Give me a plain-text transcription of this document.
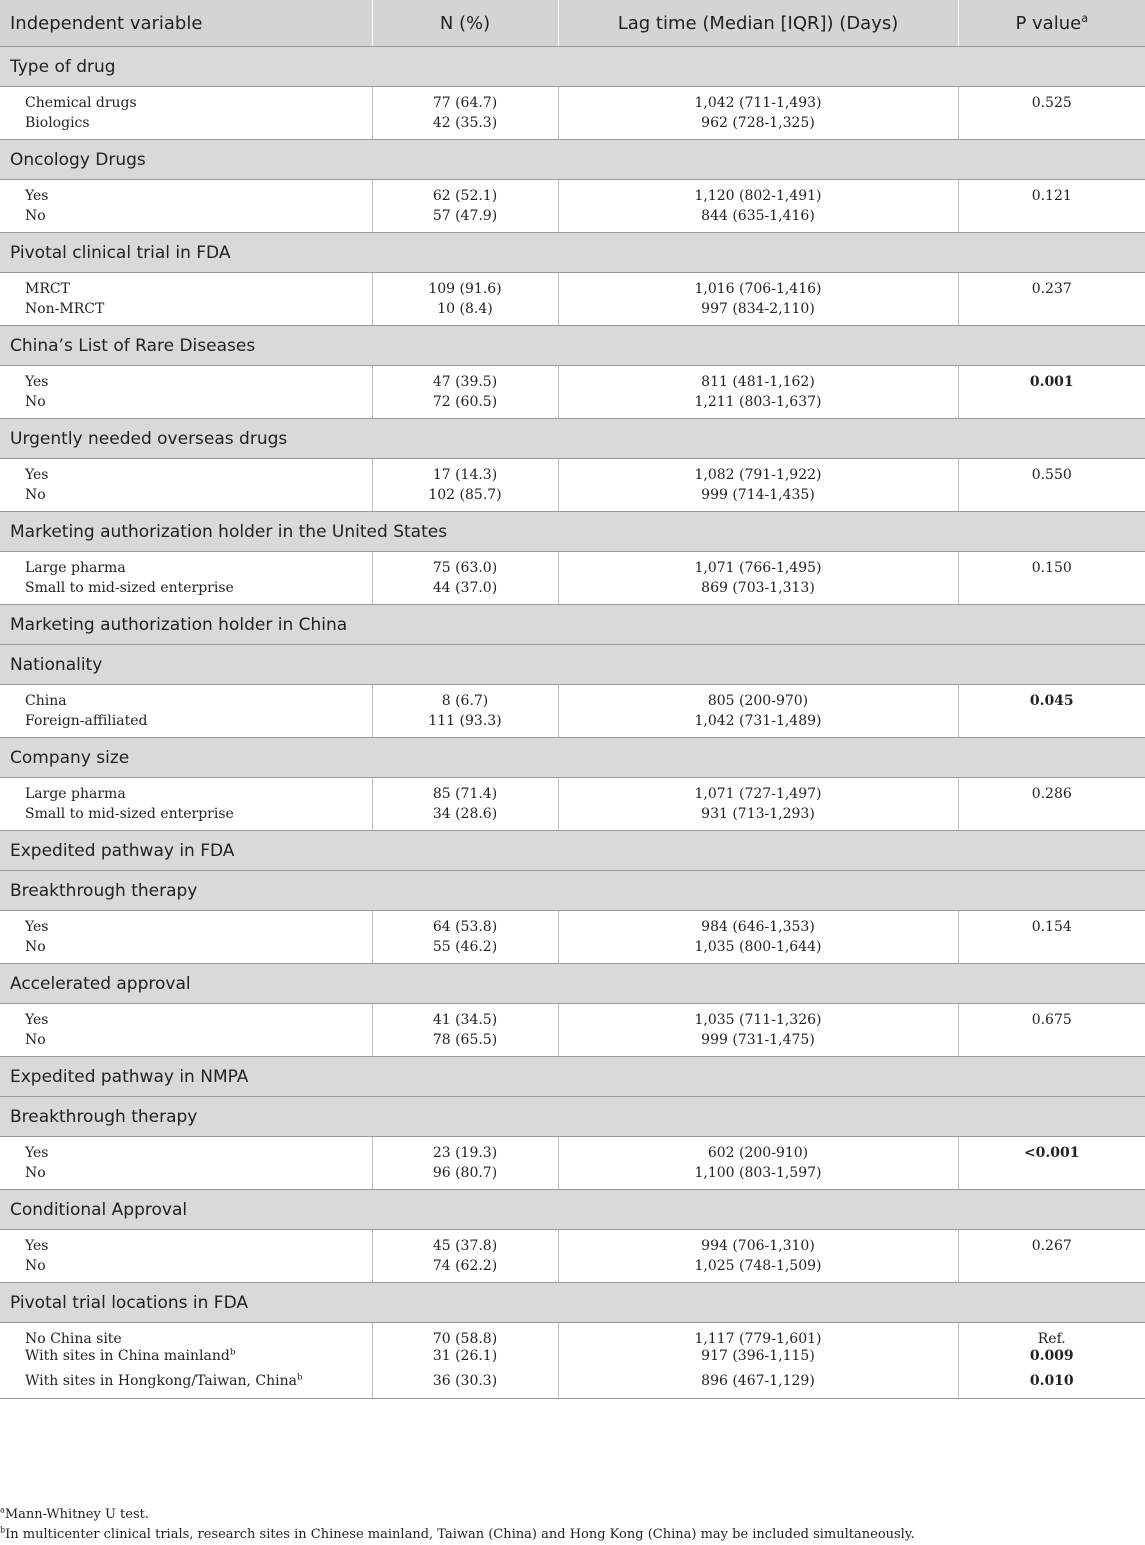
Independent variable	N (%)	Lag time (Median [IQR]) (Days)	P value$^a$
Type of drug			
Chemical drugs	77 (64.7)	1,042 (711-1,493)	0.525
Biologics	42 (35.3)	962 (728-1,325)	
Oncology Drugs			
Yes	62 (52.1)	1,120 (802-1,491)	0.121
No	57 (47.9)	844 (635-1,416)	
Pivotal clinical trial in FDA			
MRCT	109 (91.6)	1,016 (706-1,416)	0.237
Non-MRCT	10 (8.4)	997 (834-2,110)	
China’s List of Rare Diseases			
Yes	47 (39.5)	811 (481-1,162)	0.001
No	72 (60.5)	1,211 (803-1,637)	
Urgently needed overseas drugs			
Yes	17 (14.3)	1,082 (791-1,922)	0.550
No	102 (85.7)	999 (714-1,435)	
Marketing authorization holder in the United States			
Large pharma	75 (63.0)	1,071 (766-1,495)	0.150
Small to mid-sized enterprise	44 (37.0)	869 (703-1,313)	
Marketing authorization holder in China			
Nationality			
China	8 (6.7)	805 (200-970)	0.045
Foreign-affiliated	111 (93.3)	1,042 (731-1,489)	
Company size			
Large pharma	85 (71.4)	1,071 (727-1,497)	0.286
Small to mid-sized enterprise	34 (28.6)	931 (713-1,293)	
Expedited pathway in FDA			
Breakthrough therapy			
Yes	64 (53.8)	984 (646-1,353)	0.154
No	55 (46.2)	1,035 (800-1,644)	
Accelerated approval			
Yes	41 (34.5)	1,035 (711-1,326)	0.675
No	78 (65.5)	999 (731-1,475)	
Expedited pathway in NMPA			
Breakthrough therapy			
Yes	23 (19.3)	602 (200-910)	<0.001
No	96 (80.7)	1,100 (803-1,597)	
Conditional Approval			
Yes	45 (37.8)	994 (706-1,310)	0.267
No	74 (62.2)	1,025 (748-1,509)	
Pivotal trial locations in FDA			
No China site	70 (58.8)	1,117 (779-1,601)	Ref.
With sites in China mainland$^b$	31 (26.1)	917 (396-1,115)	0.009
With sites in Hongkong/Taiwan, China$^b$	36 (30.3)	896 (467-1,129)	0.010
$^a$Mann-Whitney U test.
$^b$In multicenter clinical trials, research sites in Chinese mainland, Taiwan (China) and Hong Kong (China) may be included simultaneously.
